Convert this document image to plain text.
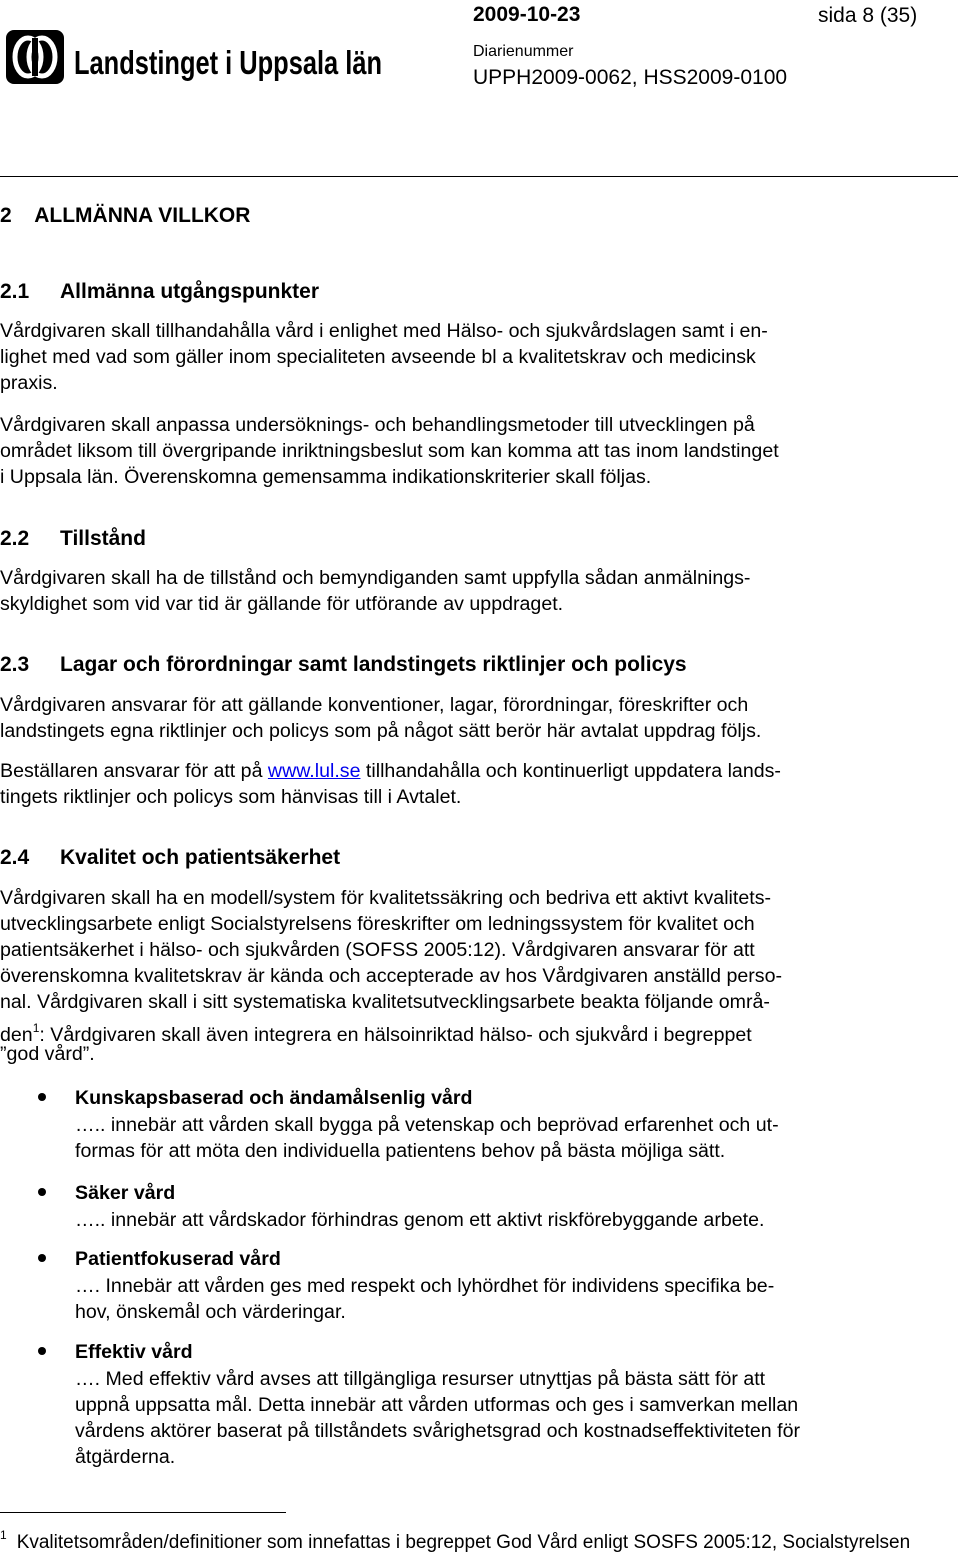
Landstinget i Uppsala län
2009-10-23	sida 8 (35)
Diarienummer
UPPH2009-0062, HSS2009-0100
2    ALLMÄNNA VILLKOR
2.1 Allmänna utgångspunkter
Vårdgivaren skall tillhandahålla vård i enlighet med Hälso- och sjukvårdslagen samt i en-
lighet med vad som gäller inom specialiteten avseende bl a kvalitetskrav och medicinsk
praxis.
Vårdgivaren skall anpassa undersöknings- och behandlingsmetoder till utvecklingen på
området liksom till övergripande inriktningsbeslut som kan komma att tas inom landstinget
i Uppsala län. Överenskomna gemensamma indikationskriterier skall följas.
2.2 Tillstånd
Vårdgivaren skall ha de tillstånd och bemyndiganden samt uppfylla sådan anmälnings-
skyldighet som vid var tid är gällande för utförande av uppdraget.
2.3 Lagar och förordningar samt landstingets riktlinjer och policys
Vårdgivaren ansvarar för att gällande konventioner, lagar, förordningar, föreskrifter och
landstingets egna riktlinjer och policys som på något sätt berör här avtalat uppdrag följs.
Beställaren ansvarar för att på www.lul.se tillhandahålla och kontinuerligt uppdatera lands-
tingets riktlinjer och policys som hänvisas till i Avtalet.
2.4 Kvalitet och patientsäkerhet
Vårdgivaren skall ha en modell/system för kvalitetssäkring och bedriva ett aktivt kvalitets-
utvecklingsarbete enligt Socialstyrelsens föreskrifter om ledningssystem för kvalitet och
patientsäkerhet i hälso- och sjukvården (SOFSS 2005:12). Vårdgivaren ansvarar för att
överenskomna kvalitetskrav är kända och accepterade av hos Vårdgivaren anställd perso-
nal. Vårdgivaren skall i sitt systematiska kvalitetsutvecklingsarbete beakta följande områ-
den$^1$: Vårdgivaren skall även integrera en hälsoinriktad hälso- och sjukvård i begreppet
”god vård”.
Kunskapsbaserad och ändamålsenlig vård
….. innebär att vården skall bygga på vetenskap och beprövad erfarenhet och ut-
formas för att möta den individuella patientens behov på bästa möjliga sätt.
Säker vård
….. innebär att vårdskador förhindras genom ett aktivt riskförebyggande arbete.
Patientfokuserad vård
…. Innebär att vården ges med respekt och lyhördhet för individens specifika be-
hov, önskemål och värderingar.
Effektiv vård
…. Med effektiv vård avses att tillgängliga resurser utnyttjas på bästa sätt för att
uppnå uppsatta mål. Detta innebär att vården utformas och ges i samverkan mellan
vårdens aktörer baserat på tillståndets svårighetsgrad och kostnadseffektiviteten för
åtgärderna.
$^1$ Kvalitetsområden/definitioner som innefattas i begreppet God Vård enligt SOSFS 2005:12, Socialstyrelsen
